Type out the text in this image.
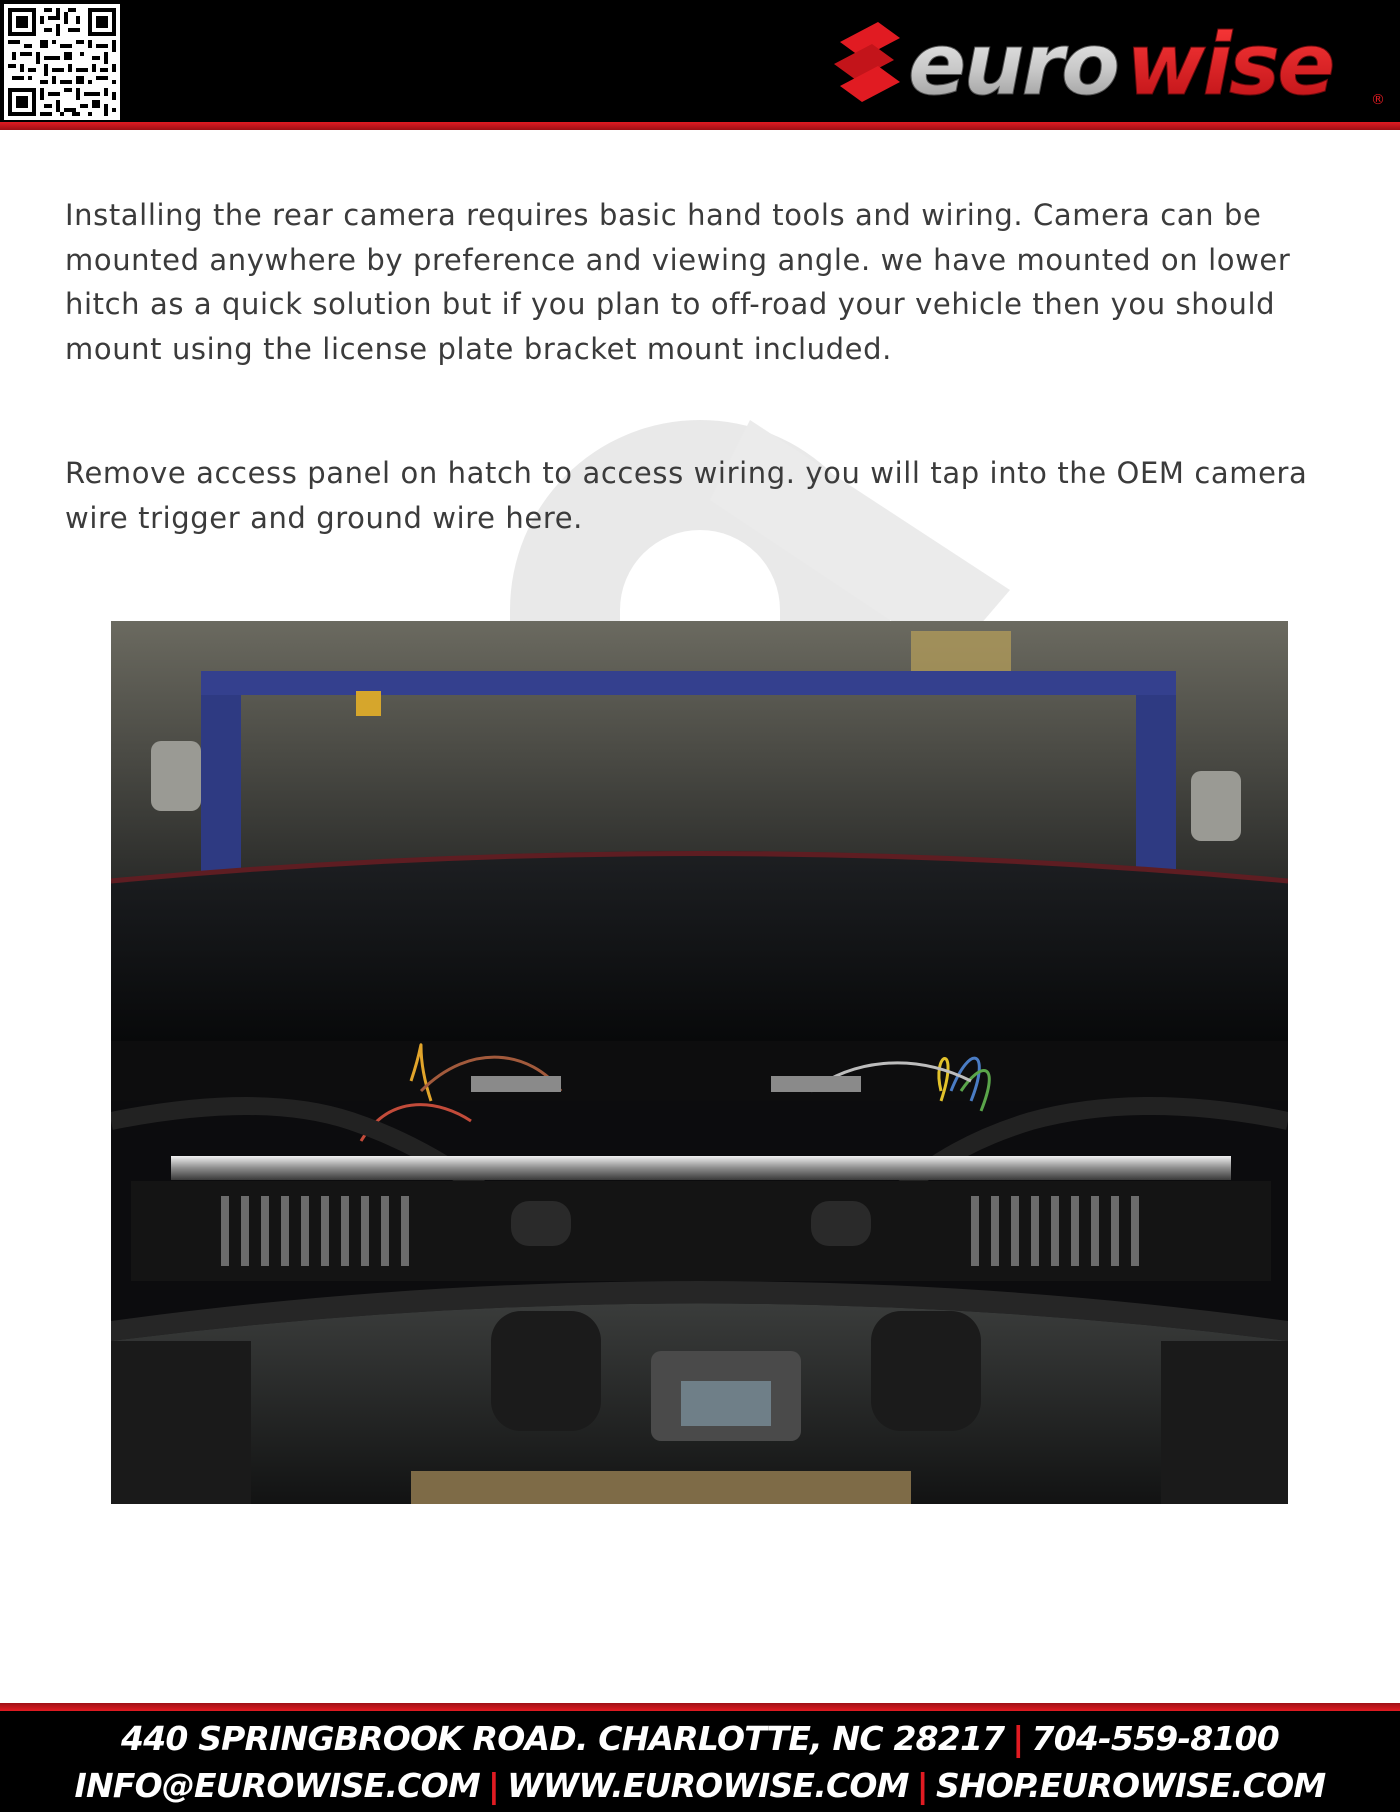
euro wise	®

Installing the rear camera requires basic hand tools and wiring. Camera can be mounted anywhere by preference and viewing angle. we have mounted on lower hitch as a quick solution but if you plan to off-road your vehicle then you should mount using the license plate bracket mount included.

Remove access panel on hatch to access wiring. you will tap into the OEM camera wire trigger and ground wire here.

440 SPRINGBROOK ROAD. CHARLOTTE, NC 28217 | 704-559-8100
INFO@EUROWISE.COM | WWW.EUROWISE.COM | SHOP.EUROWISE.COM
